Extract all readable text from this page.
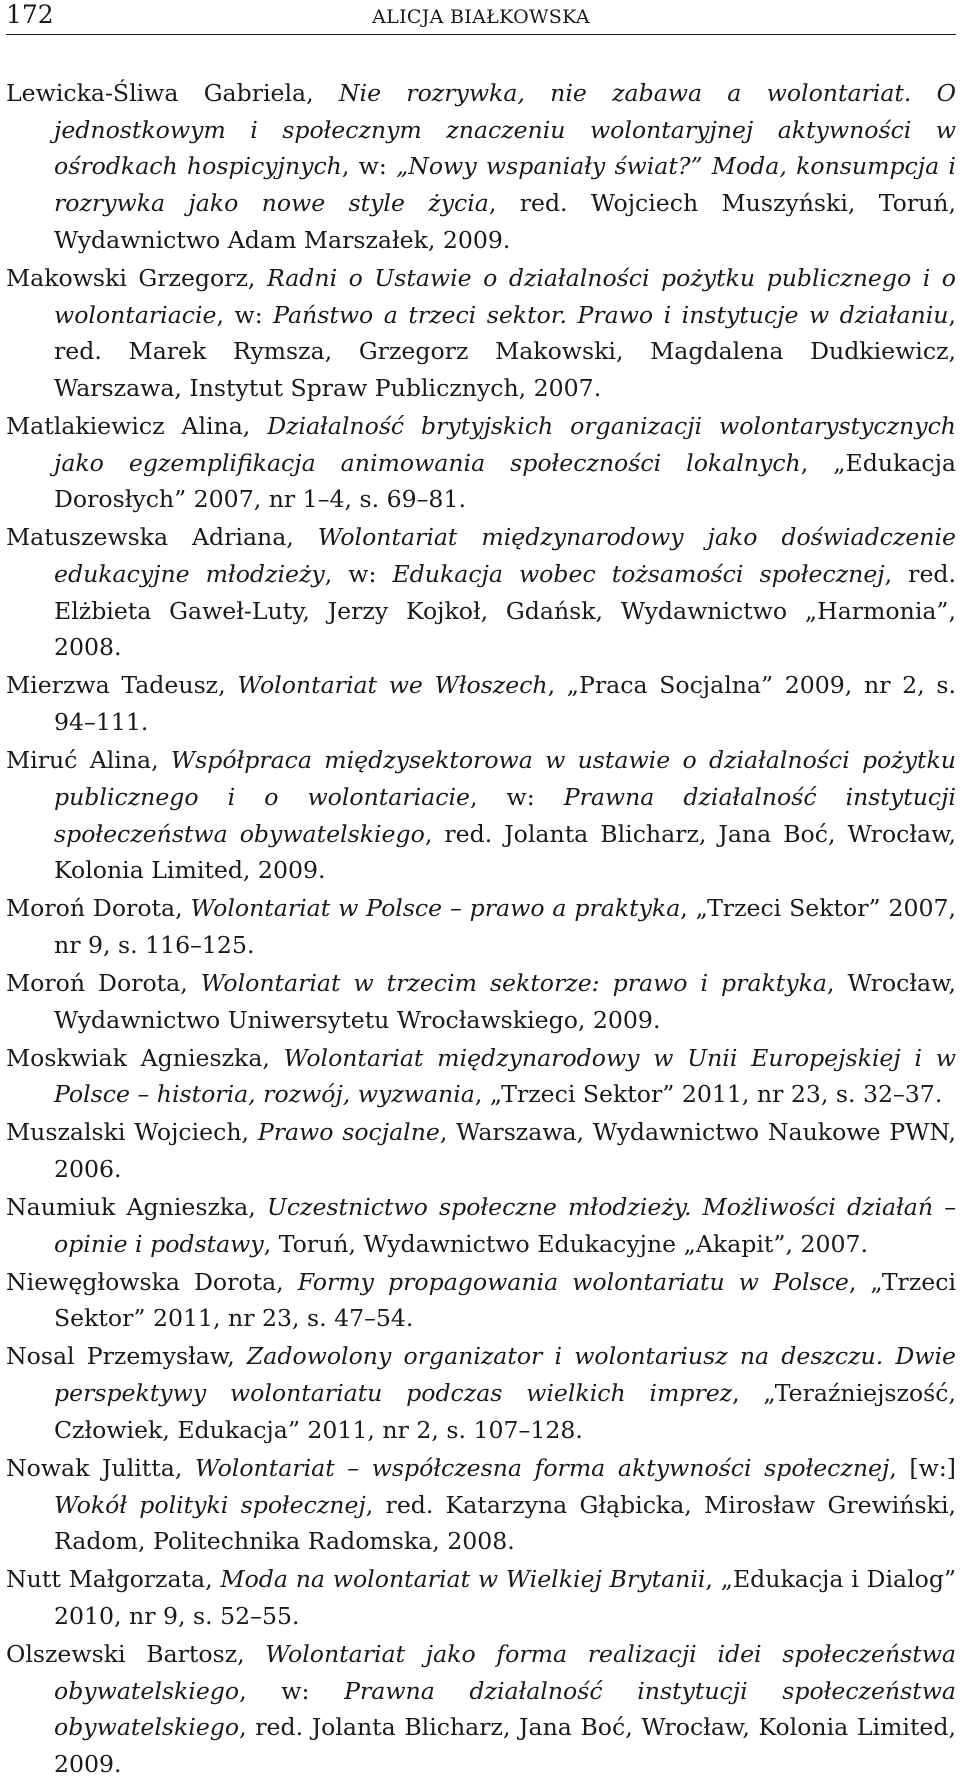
172	ALICJA BIAŁKOWSKA
Lewicka-Śliwa Gabriela, Nie rozrywka, nie zabawa a wolontariat. O jednostkowym i społecznym znaczeniu wolontaryjnej aktywności w ośrodkach hospicyjnych, w: „Nowy wspaniały świat?” Moda, konsumpcja i rozrywka jako nowe style życia, red. Wojciech Muszyński, Toruń, Wydawnictwo Adam Marszałek, 2009.
Makowski Grzegorz, Radni o Ustawie o działalności pożytku publicznego i o wolontariacie, w: Państwo a trzeci sektor. Prawo i instytucje w działaniu, red. Marek Rymsza, Grzegorz Makowski, Magdalena Dudkiewicz, Warszawa, Instytut Spraw Publicznych, 2007.
Matlakiewicz Alina, Działalność brytyjskich organizacji wolontarystycznych jako egzemplifikacja animowania społeczności lokalnych, „Edukacja Dorosłych” 2007, nr 1–4, s. 69–81.
Matuszewska Adriana, Wolontariat międzynarodowy jako doświadczenie edukacyjne młodzieży, w: Edukacja wobec tożsamości społecznej, red. Elżbieta Gaweł-Luty, Jerzy Kojkoł, Gdańsk, Wydawnictwo „Harmonia”, 2008.
Mierzwa Tadeusz, Wolontariat we Włoszech, „Praca Socjalna” 2009, nr 2, s. 94–111.
Miruć Alina, Współpraca międzysektorowa w ustawie o działalności pożytku publicznego i o wolontariacie, w: Prawna działalność instytucji społeczeństwa obywatelskiego, red. Jolanta Blicharz, Jana Boć, Wrocław, Kolonia Limited, 2009.
Moroń Dorota, Wolontariat w Polsce – prawo a praktyka, „Trzeci Sektor” 2007, nr 9, s. 116–125.
Moroń Dorota, Wolontariat w trzecim sektorze: prawo i praktyka, Wrocław, Wydawnictwo Uniwersytetu Wrocławskiego, 2009.
Moskwiak Agnieszka, Wolontariat międzynarodowy w Unii Europejskiej i w Polsce – historia, rozwój, wyzwania, „Trzeci Sektor” 2011, nr 23, s. 32–37.
Muszalski Wojciech, Prawo socjalne, Warszawa, Wydawnictwo Naukowe PWN, 2006.
Naumiuk Agnieszka, Uczestnictwo społeczne młodzieży. Możliwości działań – opinie i podstawy, Toruń, Wydawnictwo Edukacyjne „Akapit”, 2007.
Niewęgłowska Dorota, Formy propagowania wolontariatu w Polsce, „Trzeci Sektor” 2011, nr 23, s. 47–54.
Nosal Przemysław, Zadowolony organizator i wolontariusz na deszczu. Dwie perspektywy wolontariatu podczas wielkich imprez, „Teraźniejszość, Człowiek, Edukacja” 2011, nr 2, s. 107–128.
Nowak Julitta, Wolontariat – współczesna forma aktywności społecznej, [w:] Wokół polityki społecznej, red. Katarzyna Głąbicka, Mirosław Grewiński, Radom, Politechnika Radomska, 2008.
Nutt Małgorzata, Moda na wolontariat w Wielkiej Brytanii, „Edukacja i Dialog” 2010, nr 9, s. 52–55.
Olszewski Bartosz, Wolontariat jako forma realizacji idei społeczeństwa obywatelskiego, w: Prawna działalność instytucji społeczeństwa obywatelskiego, red. Jolanta Blicharz, Jana Boć, Wrocław, Kolonia Limited, 2009.
